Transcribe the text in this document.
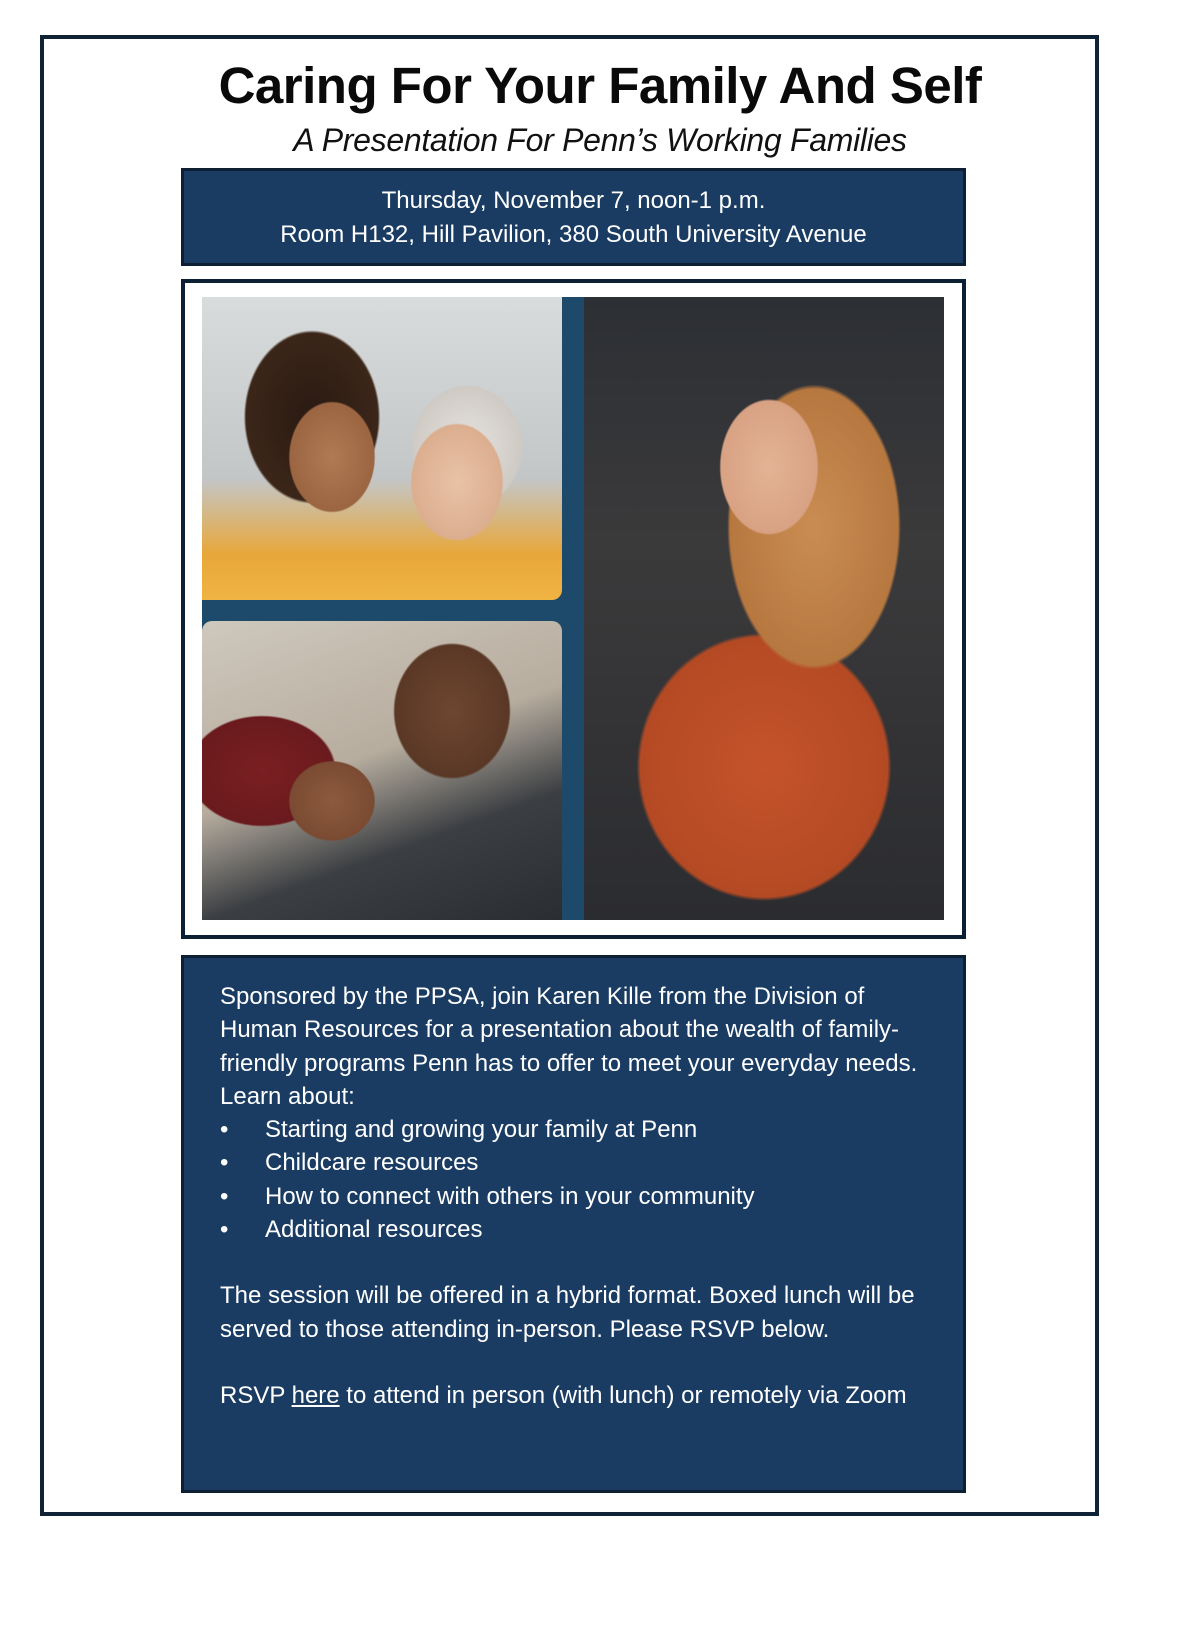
Caring For Your Family And Self
A Presentation For Penn’s Working Families
Thursday, November 7, noon-1 p.m.
Room H132, Hill Pavilion, 380 South University Avenue

Sponsored by the PPSA, join Karen Kille from the Division of Human Resources for a presentation about the wealth of family-friendly programs Penn has to offer to meet your everyday needs. Learn about:

• Starting and growing your family at Penn
• Childcare resources
• How to connect with others in your community
• Additional resources

The session will be offered in a hybrid format. Boxed lunch will be served to those attending in-person. Please RSVP below.

RSVP here to attend in person (with lunch) or remotely via Zoom
